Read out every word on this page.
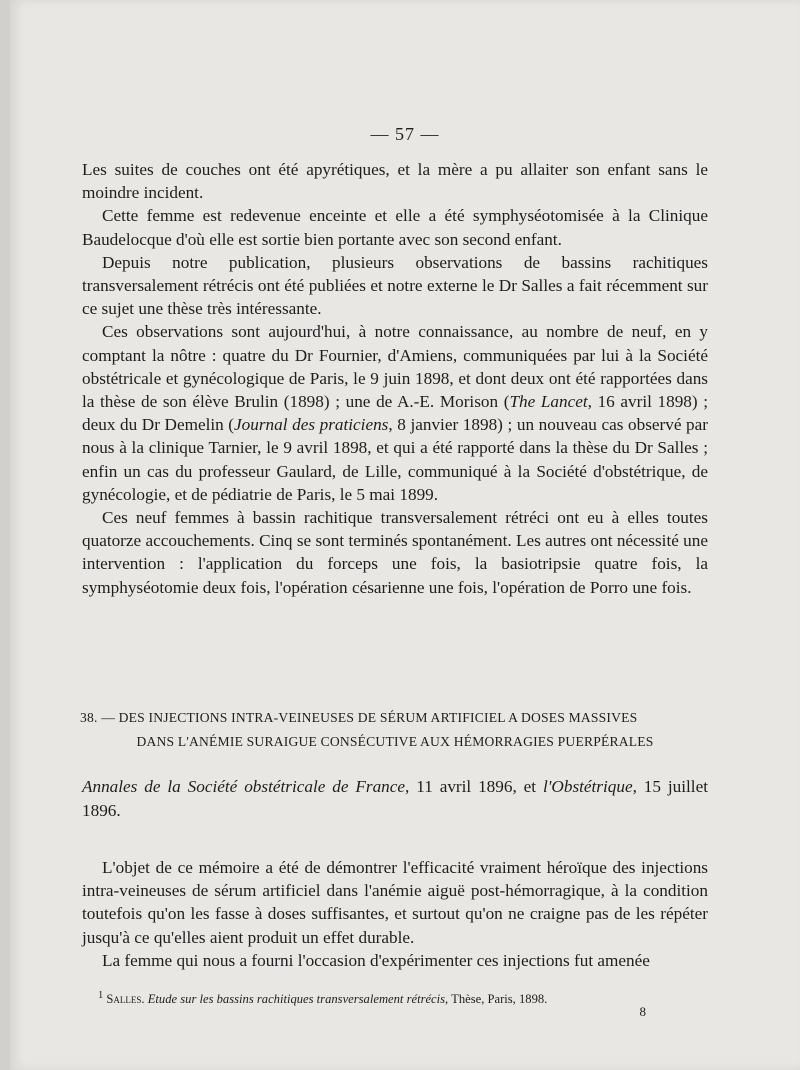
— 57 —

Les suites de couches ont été apyrétiques, et la mère a pu allaiter son enfant sans le moindre incident.

Cette femme est redevenue enceinte et elle a été symphyséotomisée à la Clinique Baudelocque d'où elle est sortie bien portante avec son second enfant.

Depuis notre publication, plusieurs observations de bassins rachitiques transversalement rétrécis ont été publiées et notre externe le Dr Salles a fait récemment sur ce sujet une thèse très intéressante.

Ces observations sont aujourd'hui, à notre connaissance, au nombre de neuf, en y comptant la nôtre : quatre du Dr Fournier, d'Amiens, communiquées par lui à la Société obstétricale et gynécologique de Paris, le 9 juin 1898, et dont deux ont été rapportées dans la thèse de son élève Brulin (1898) ; une de A.-E. Morison (The Lancet, 16 avril 1898) ; deux du Dr Demelin (Journal des praticiens, 8 janvier 1898) ; un nouveau cas observé par nous à la clinique Tarnier, le 9 avril 1898, et qui a été rapporté dans la thèse du Dr Salles ; enfin un cas du professeur Gaulard, de Lille, communiqué à la Société d'obstétrique, de gynécologie, et de pédiatrie de Paris, le 5 mai 1899.

Ces neuf femmes à bassin rachitique transversalement rétréci ont eu à elles toutes quatorze accouchements. Cinq se sont terminés spontanément. Les autres ont nécessité une intervention : l'application du forceps une fois, la basiotripsie quatre fois, la symphyséotomie deux fois, l'opération césarienne une fois, l'opération de Porro une fois.

38. — DES INJECTIONS INTRA-VEINEUSES DE SÉRUM ARTIFICIEL A DOSES MASSIVES
DANS L'ANÉMIE SURAIGUE CONSÉCUTIVE AUX HÉMORRAGIES PUERPÉRALES
Annales de la Société obstétricale de France, 11 avril 1896, et l'Obstétrique, 15 juillet 1896.

L'objet de ce mémoire a été de démontrer l'efficacité vraiment héroïque des injections intra-veineuses de sérum artificiel dans l'anémie aiguë post-hémorragique, à la condition toutefois qu'on les fasse à doses suffisantes, et surtout qu'on ne craigne pas de les répéter jusqu'à ce qu'elles aient produit un effet durable.

La femme qui nous a fourni l'occasion d'expérimenter ces injections fut amenée

$^1$ Salles. Etude sur les bassins rachitiques transversalement rétrécis, Thèse, Paris, 1898.
8
